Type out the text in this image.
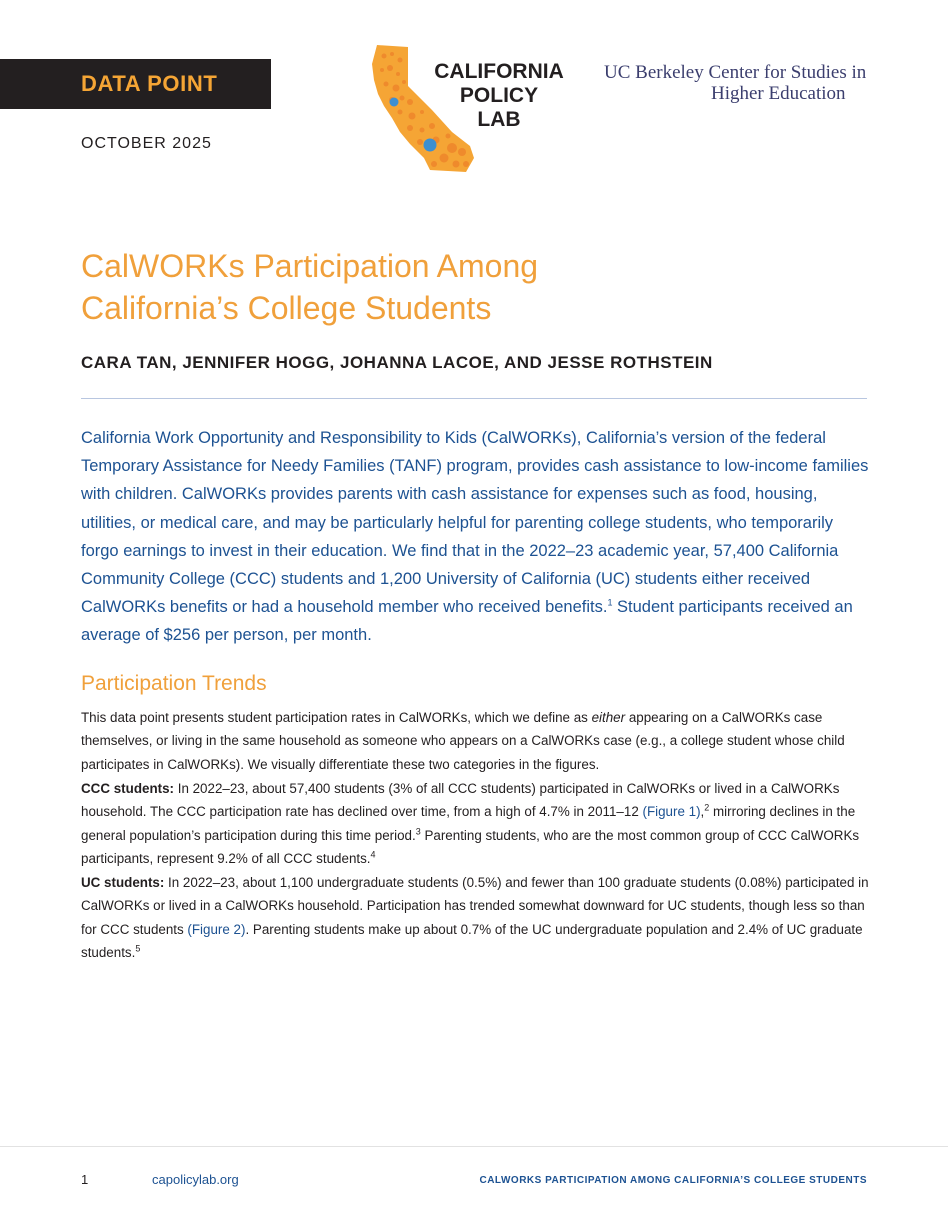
DATA POINT
OCTOBER 2025
CALIFORNIA
POLICY
LAB
UC Berkeley Center for Studies in
Higher Education
CalWORKs Participation Among
California’s College Students
CARA TAN, JENNIFER HOGG, JOHANNA LACOE, AND JESSE ROTHSTEIN

California Work Opportunity and Responsibility to Kids (CalWORKs), California’s version of the federal Temporary Assistance for Needy Families (TANF) program, provides cash assistance to low-income families with children. CalWORKs provides parents with cash assistance for expenses such as food, housing, utilities, or medical care, and may be particularly helpful for parenting college students, who temporarily forgo earnings to invest in their education. We find that in the 2022–23 academic year, 57,400 California Community College (CCC) students and 1,200 University of California (UC) students either received CalWORKs benefits or had a household member who received benefits.$^1$ Student participants received an average of $256 per person, per month.

Participation Trends

This data point presents student participation rates in CalWORKs, which we define as either appearing on a CalWORKs case themselves, or living in the same household as someone who appears on a CalWORKs case (e.g., a college student whose child participates in CalWORKs). We visually differentiate these two categories in the figures.

CCC students: In 2022–23, about 57,400 students (3% of all CCC students) participated in CalWORKs or lived in a CalWORKs household. The CCC participation rate has declined over time, from a high of 4.7% in 2011–12 (Figure 1),$^2$ mirroring declines in the general population’s participation during this time period.$^3$ Parenting students, who are the most common group of CCC CalWORKs participants, represent 9.2% of all CCC students.$^4$

UC students: In 2022–23, about 1,100 undergraduate students (0.5%) and fewer than 100 graduate students (0.08%) participated in CalWORKs or lived in a CalWORKs household. Participation has trended somewhat downward for UC students, though less so than for CCC students (Figure 2). Parenting students make up about 0.7% of the UC undergraduate population and 2.4% of UC graduate students.$^5$

1	capolicylab.org	CALWORKS PARTICIPATION AMONG CALIFORNIA’S COLLEGE STUDENTS
